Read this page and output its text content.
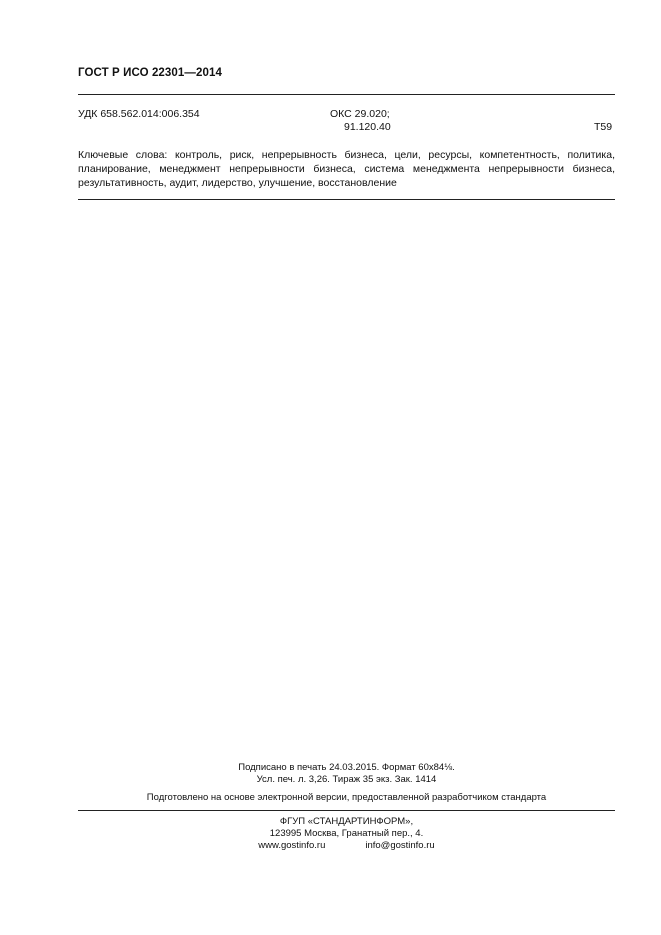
ГОСТ Р ИСО 22301—2014
УДК 658.562.014:006.354	ОКС 29.020;
91.120.40	Т59
Ключевые слова: контроль, риск, непрерывность бизнеса, цели, ресурсы, компетентность, политика, планирование, менеджмент непрерывности бизнеса, система менеджмента непрерывности бизнеса, результативность, аудит, лидерство, улучшение, восстановление
Подписано в печать 24.03.2015. Формат 60x84⅛.
Усл. печ. л. 3,26. Тираж 35 экз. Зак. 1414
Подготовлено на основе электронной версии, предоставленной разработчиком стандарта
ФГУП «СТАНДАРТИНФОРМ»,
123995 Москва, Гранатный пер., 4.
www.gostinfo.ru	info@gostinfo.ru
